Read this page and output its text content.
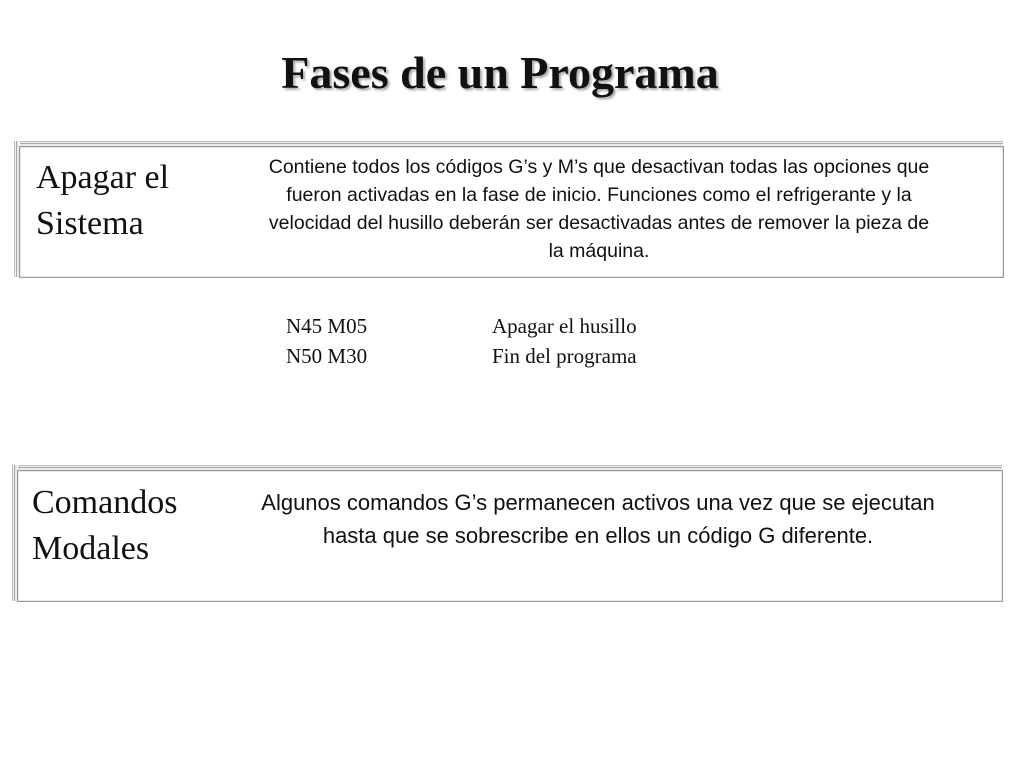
Fases de un Programa
Apagar el Sistema
Contiene todos los códigos G’s y M’s que desactivan todas las opciones que fueron activadas en la fase de inicio. Funciones como el refrigerante y la velocidad del husillo deberán ser desactivadas antes de remover la pieza de la máquina.
N45 M05	Apagar el husillo
N50 M30	Fin del programa
Comandos Modales
Algunos comandos G’s permanecen activos una vez que se ejecutan hasta que se sobrescribe en ellos un código G diferente.
